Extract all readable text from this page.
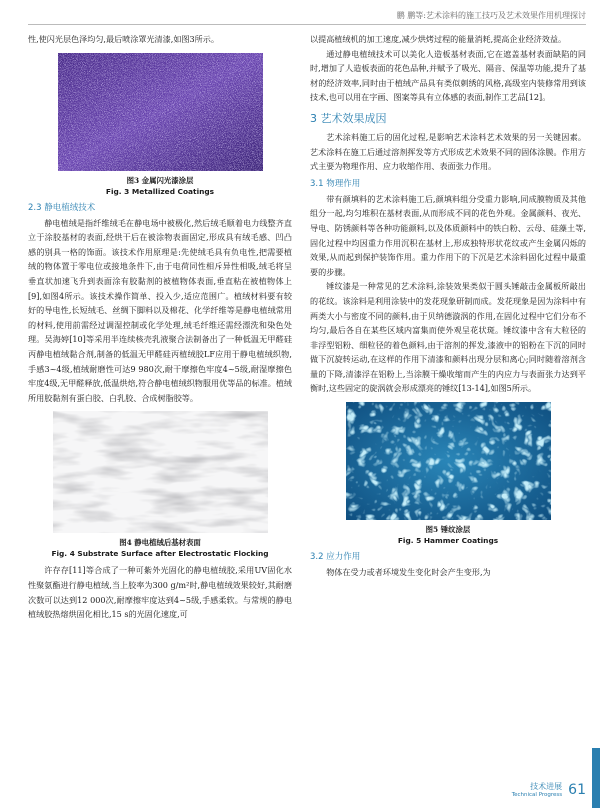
鹏 鹏等:艺术涂料的施工技巧及艺术效果作用机理探讨

性,使闪光层色泽均匀,最后喷涂罩光清漆,如图3所示。

图3 金属闪光漆涂层
Fig. 3 Metallized Coatings
2.3 静电植绒技术

静电植绒是指纤维绒毛在静电场中被极化,然后绒毛顺着电力线整齐直立于涂胶基材的表面,经烘干后在被涂物表面固定,形成具有绒毛感、凹凸感的别具一格的饰面。该技术作用原理是:先使绒毛具有负电性,把需要植绒的物体置于零电位或接地条件下,由于电荷同性相斥异性相吸,绒毛将呈垂直状加速飞升到表面涂有胶黏剂的被植物体表面,垂直粘在被植物体上[9],如图4所示。该技术操作简单、投入少,适应范围广。植绒材料要有较好的导电性,长短绒毛、丝绸下脚料以及棉花、化学纤维等是静电植绒常用的材料,使用前需经过调湿控制或化学处理,绒毛纤维还需经漂洗和染色处理。吴海婷[10]等采用半连续核壳乳液聚合法制备出了一种低温无甲醛硅丙静电植绒黏合剂,制备的低温无甲醛硅丙植绒胶LF应用于静电植绒织物,手感3~4级,植绒耐磨性可达9 980次,耐干摩擦色牢度4~5级,耐湿摩擦色牢度4级,无甲醛释放,低温烘焙,符合静电植绒织物服用优等品的标准。植绒所用胶黏剂有蛋白胶、白乳胶、合成树脂胶等。

图4 静电植绒后基材表面
Fig. 4 Substrate Surface after Electrostatic Flocking

许存存[11]等合成了一种可紫外光固化的静电植绒胶,采用UV固化水性聚氨酯进行静电植绒,当上胶率为300 g/m²时,静电植绒效果较好,其耐磨次数可以达到12 000次,耐摩擦牢度达到4~5级,手感柔软。与常规的静电植绒胶热熔烘固化相比,15 s的光固化速度,可

以提高植绒机的加工速度,减少烘烤过程的能量消耗,提高企业经济效益。

通过静电植绒技术可以美化人造板基材表面,它在遮盖基材表面缺陷的同时,增加了人造板表面的花色品种,并赋予了吸光、隔音、保温等功能,提升了基材的经济效率,同时由于植绒产品具有类似刺绣的风格,高级室内装修常用到该技术,也可以用在字画、图案等具有立体感的表面,制作工艺品[12]。

3 艺术效果成因

艺术涂料施工后的固化过程,是影响艺术涂料艺术效果的另一关键因素。艺术涂料在施工后通过溶剂挥发等方式形成艺术效果不同的固体涂膜。作用方式主要为物理作用、应力收缩作用、表面张力作用。

3.1 物理作用

带有颜填料的艺术涂料施工后,颜填料组分受重力影响,同成膜物质及其他组分一起,均匀堆积在基材表面,从而形成不同的花色外观。金属颜料、夜光、导电、防锈颜料等各种功能颜料,以及体质颜料中的铁白粉、云母、硅藻土等,固化过程中均因重力作用沉积在基材上,形成独特形状花纹或产生金属闪烁的效果,从而起到保护装饰作用。重力作用下的下沉是艺术涂料固化过程中最重要的步骤。

锤纹漆是一种常见的艺术涂料,涂装效果类似于圆头锤敲击金属板所敲出的花纹。该涂料是利用涂装中的发花现象研制而成。发花现象是因为涂料中有两类大小与密度不同的颜料,由于贝纳德漩涡的作用,在固化过程中它们分布不均匀,最后各自在某些区域内富集而使外观呈花状斑。锤纹漆中含有大粒径的非浮型铝粉、细粒径的着色颜料,由于溶剂的挥发,漆液中的铝粉在下沉的同时做下沉旋转运动,在这样的作用下清漆和颜料出现分层和离心;同时随着溶剂含量的下降,清漆浮在铝粉上,当涂膜干燥收缩而产生的内应力与表面张力达到平衡时,这些固定的旋涡就会形成漂亮的锤纹[13-14],如图5所示。

图5 锤纹涂层
Fig. 5 Hammer Coatings
3.2 应力作用

物体在受力或者环境发生变化时会产生变形,为

技术进展
Technical Progress 61
